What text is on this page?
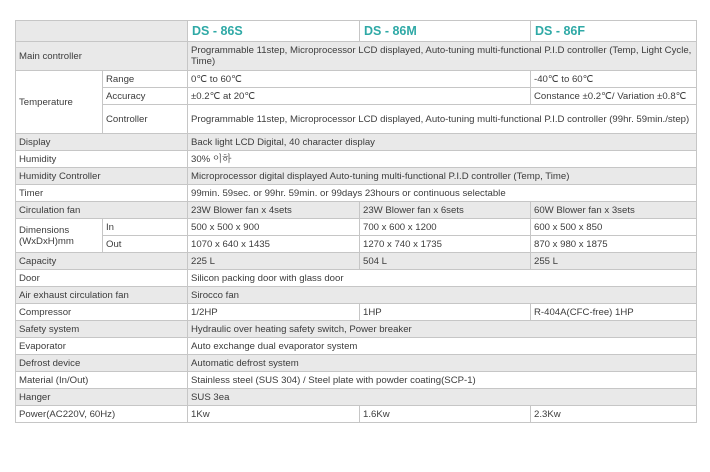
		DS - 86S	DS - 86M	DS - 86F
Main controller		Programmable 11step, Microprocessor LCD displayed, Auto-tuning multi-functional P.I.D controller (Temp, Light Cycle, Time)		
Temperature	Range	0℃ to 60℃		-40℃ to 60℃
	Accuracy	±0.2℃ at 20℃		Constance ±0.2℃/ Variation ±0.8℃
	Controller	Programmable 11step, Microprocessor LCD displayed, Auto-tuning multi-functional P.I.D controller (99hr. 59min./step)		
Display		Back light LCD Digital, 40 character display		
Humidity		30% 이하		
Humidity Controller		Microprocessor digital displayed Auto-tuning multi-functional P.I.D controller (Temp, Time)		
Timer		99min. 59sec. or 99hr. 59min. or 99days 23hours or continuous selectable		
Circulation fan		23W Blower fan x 4sets	23W Blower fan x 6sets	60W Blower fan x 3sets
Dimensions (WxDxH)mm	In	500 x 500 x 900	700 x 600 x 1200	600 x 500 x 850
	Out	1070 x 640 x 1435	1270 x 740 x 1735	870 x 980 x 1875
Capacity		225 L	504 L	255 L
Door		Silicon packing door with glass door		
Air exhaust circulation fan		Sirocco fan		
Compressor		1/2HP	1HP	R-404A(CFC-free) 1HP
Safety system		Hydraulic over heating safety switch, Power breaker		
Evaporator		Auto exchange dual evaporator system		
Defrost device		Automatic defrost system		
Material (In/Out)		Stainless steel (SUS 304) / Steel plate with powder coating(SCP-1)		
Hanger		SUS 3ea		
Power(AC220V, 60Hz)		1Kw	1.6Kw	2.3Kw
